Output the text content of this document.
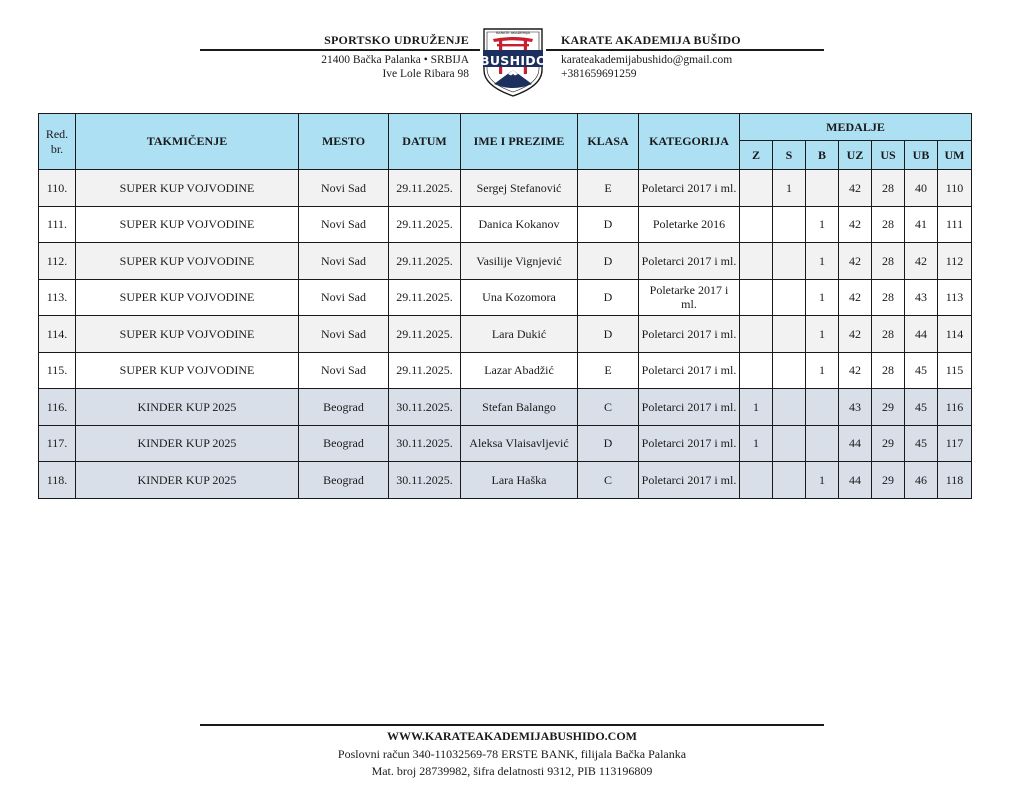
SPORTSKO UDRUŽENJE	KARATE AKADEMIJA BUŠIDO
21400 Bačka Palanka • SRBIJA
Ive Lole Ribara 98
karateakademijabushido@gmail.com
+381659691259
KARATE AKADEMIJA
BUSHIDO
Red. br.	TAKMIČENJE	MESTO	DATUM	IME I PREZIME	KLASA	KATEGORIJA	MEDALJE						
							Z	S	B	UZ	US	UB	UM
110.	SUPER KUP VOJVODINE	Novi Sad	29.11.2025.	Sergej Stefanović	E	Poletarci 2017 i ml.		1		42	28	40	110
111.	SUPER KUP VOJVODINE	Novi Sad	29.11.2025.	Danica Kokanov	D	Poletarke 2016			1	42	28	41	111
112.	SUPER KUP VOJVODINE	Novi Sad	29.11.2025.	Vasilije Vignjević	D	Poletarci 2017 i ml.			1	42	28	42	112
113.	SUPER KUP VOJVODINE	Novi Sad	29.11.2025.	Una Kozomora	D	Poletarke 2017 i ml.			1	42	28	43	113
114.	SUPER KUP VOJVODINE	Novi Sad	29.11.2025.	Lara Dukić	D	Poletarci 2017 i ml.			1	42	28	44	114
115.	SUPER KUP VOJVODINE	Novi Sad	29.11.2025.	Lazar Abadžić	E	Poletarci 2017 i ml.			1	42	28	45	115
116.	KINDER KUP 2025	Beograd	30.11.2025.	Stefan Balango	C	Poletarci 2017 i ml.	1			43	29	45	116
117.	KINDER KUP 2025	Beograd	30.11.2025.	Aleksa Vlaisavljević	D	Poletarci 2017 i ml.	1			44	29	45	117
118.	KINDER KUP 2025	Beograd	30.11.2025.	Lara Haška	C	Poletarci 2017 i ml.			1	44	29	46	118
WWW.KARATEAKADEMIJABUSHIDO.COM
Poslovni račun 340-11032569-78 ERSTE BANK, filijala Bačka Palanka
Mat. broj 28739982, šifra delatnosti 9312, PIB 113196809
